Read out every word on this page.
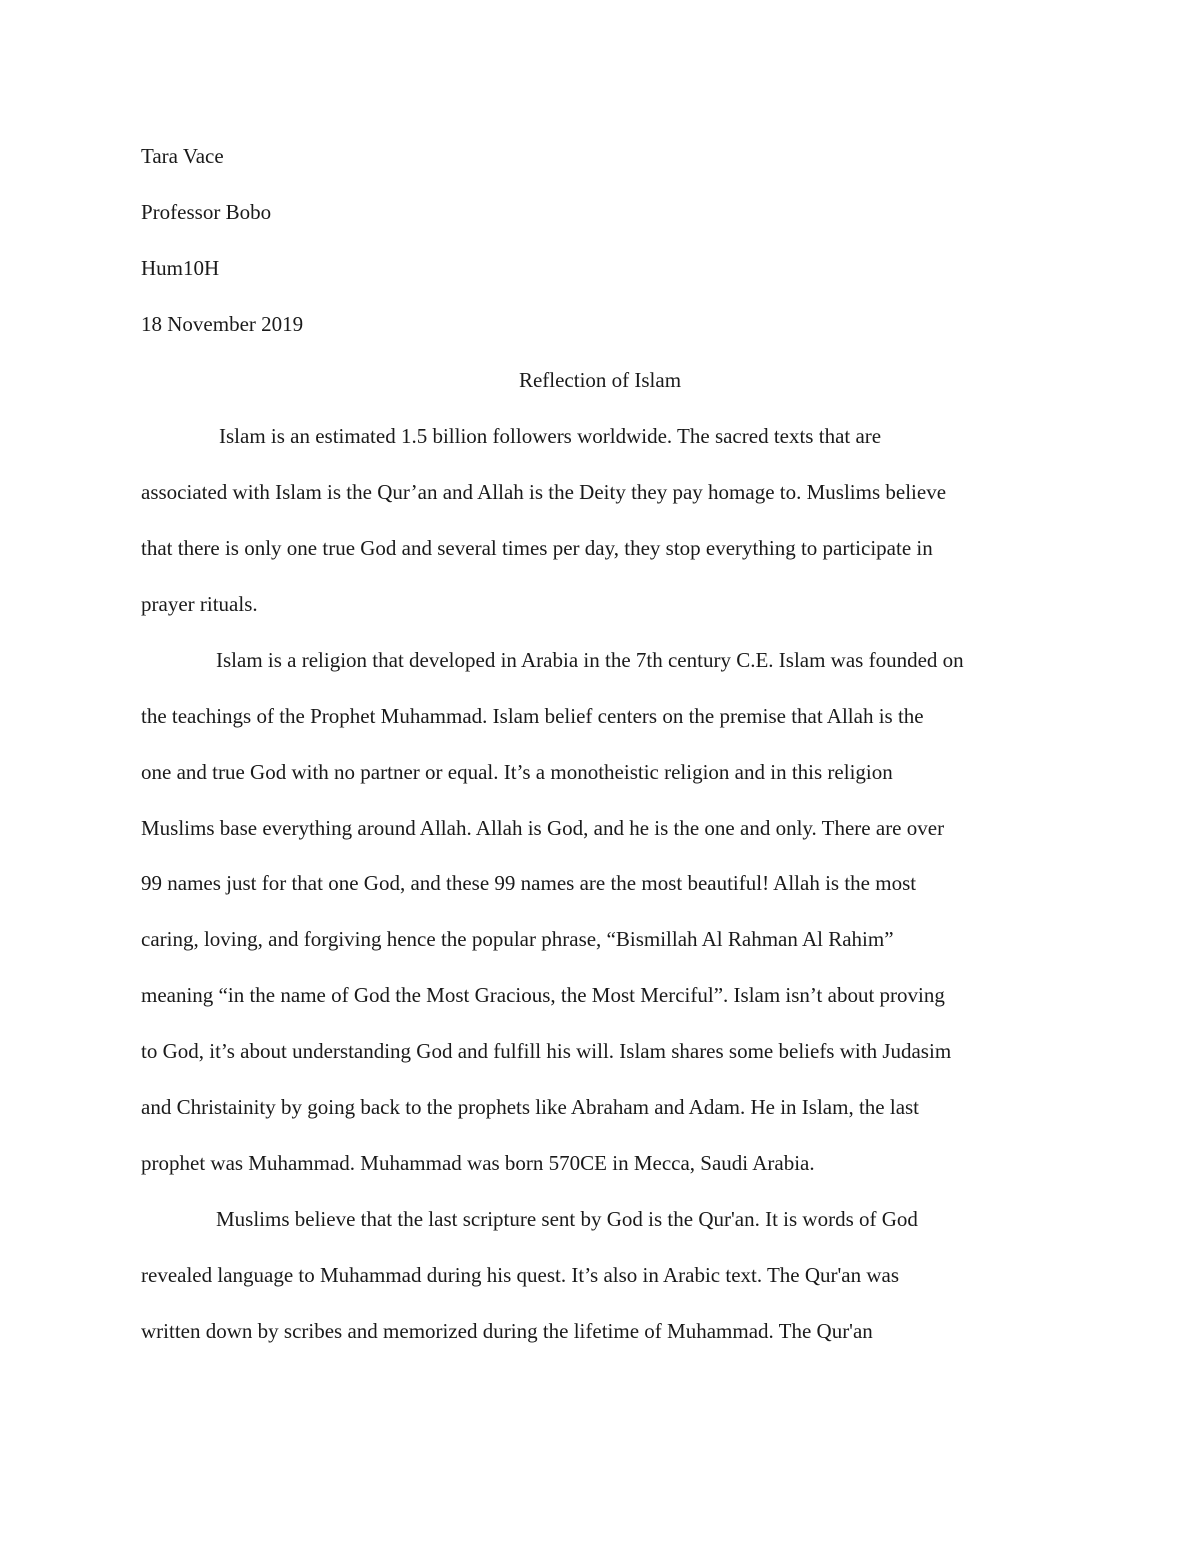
Tara Vace
Professor Bobo
Hum10H
18 November 2019
Reflection of Islam
Islam is an estimated 1.5 billion followers worldwide. The sacred texts that are
associated with Islam is the Qur’an and Allah is the Deity they pay homage to. Muslims believe
that there is only one true God and several times per day, they stop everything to participate in
prayer rituals.
Islam is a religion that developed in Arabia in the 7th century C.E. Islam was founded on
the teachings of the Prophet Muhammad. Islam belief centers on the premise that Allah is the
one and true God with no partner or equal. It’s a monotheistic religion and in this religion
Muslims base everything around Allah. Allah is God, and he is the one and only. There are over
99 names just for that one God, and these 99 names are the most beautiful! Allah is the most
caring, loving, and forgiving hence the popular phrase, “Bismillah Al Rahman Al Rahim”
meaning “in the name of God the Most Gracious, the Most Merciful”. Islam isn’t about proving
to God, it’s about understanding God and fulfill his will. Islam shares some beliefs with Judasim
and Christainity by going back to the prophets like Abraham and Adam. He in Islam, the last
prophet was Muhammad. Muhammad was born 570CE in Mecca, Saudi Arabia.
Muslims believe that the last scripture sent by God is the Qur'an. It is words of God
revealed language to Muhammad during his quest. It’s also in Arabic text. The Qur'an was
written down by scribes and memorized during the lifetime of Muhammad. The Qur'an
